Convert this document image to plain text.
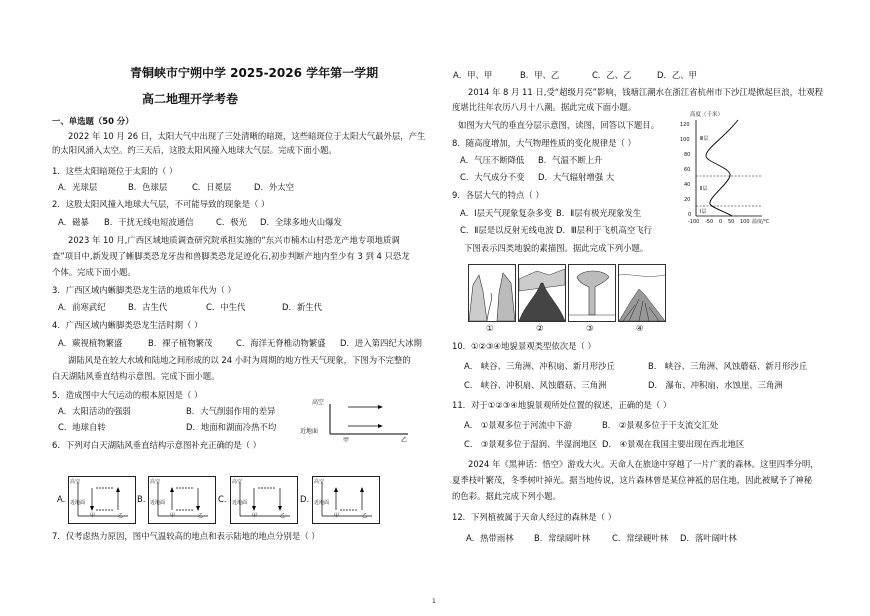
青铜峡市宁朔中学 2025-2026 学年第一学期
高二地理开学考卷
一、单选题（50 分）
2022 年 10 月 26 日，太阳大气中出现了三处清晰的暗斑，这些暗斑位于太阳大气最外层，产生
的太阳风涌入太空。约三天后，这股太阳风撞入地球大气层。完成下面小题。
1．这些太阳暗斑位于太阳的（ ）
A．光球层	B．色球层	C．日冕层	D．外太空
2．这股太阳风撞入地球大气层，不可能导致的现象是（ ）
A．磁暴 B．干扰无线电短波通信	C．极光 D．全球多地火山爆发
2023 年 10 月,广西区域地质调查研究院承担实施的“东兴市楠木山村恐龙产地专项地质调
查”项目中,新发现了蜥脚类恐龙牙齿和兽脚类恐龙足迹化石,初步判断产地内至少有 3 到 4 只恐龙
个体。完成下面小题。
3．广西区域内蜥脚类恐龙生活的地质年代为（ ）
A．前寒武纪	B．古生代	C．中生代	D．新生代
4．广西区域内蜥脚类恐龙生活时期（ ）
A．蕨视植物繁盛	B．裸子植物繁茂	C．海洋无脊椎动物繁盛 D．进入第四纪大冰期
湖陆风是在较大水域和陆地之间形成的以 24 小时为周期的地方性天气现象，下图为不完整的
白天湖陆风垂直结构示意图。完成下面小题。
5．造成图中大气运动的根本原因是（ ）
A．太阳活动的强弱	B．大气削弱作用的差异
C．地球自转	D．地面和湖面冷热不均
高空
近地面
甲	乙
6．下列对白天湖陆风垂直结构示意图补充正确的是（ ）
A.	B.	C.	D.
高空
近地面
甲	乙
高空
近地面
甲	乙
高空
近地面
甲	乙
高空
近地面
甲	乙
7．仅考虑热力原因，图中气温较高的地点和表示陆地的地点分别是（ ）
A．甲、甲	B．甲、乙	C．乙、乙	D．乙、甲
2014 年 8 月 11 日,受“超级月亮”影响，钱塘江潮水在浙江省杭州市下沙江堤掀起巨浪，壮观程
度堪比往年农历八月十八潮。据此完成下面小题。
如图为大气的垂直分层示意图，读图，回答以下题目。
8．随高度增加，大气物理性质的变化规律是（ ）
A．气压不断降低 B．气温不断上升
C．大气成分不变 D．大气辐射增强 大
9．各层大气的特点（ ）
A．Ⅰ层天气现象复杂多变 B．Ⅱ层有极光现象发生
C．Ⅱ层是以反射无线电波 D．Ⅲ层利于飞机高空飞行
高度（千米）
120
100
80
60
40
20
0
Ⅲ层
Ⅱ层
Ⅰ层
-100 -50 0 50 100 温度/℃
下图表示四类地貌的素描图。据此完成下列小题。
①	②	③	④
10．①②③④地貌景观类型依次是（ ）
A． 峡谷、三角洲、冲积扇、新月形沙丘	B． 峡谷、三角洲、风蚀蘑菇、新月形沙丘
C． 峡谷、冲积扇、风蚀蘑菇、三角洲	D． 瀑布、冲积扇、水蚀崖、三角洲
11．对于①②③④地貌景观所处位置的叙述，正确的是（ ）
A． ①景观多位于河流中下游	B． ②景观多位于干支流交汇处
C． ③景观多位于湿润、半湿润地区 D． ④景观在我国主要出现在西北地区
2024 年《黑神话：悟空》游戏大火。天命人在旅途中穿越了一片广袤的森林。这里四季分明，
夏季枝叶繁茂，冬季树叶掉光。据当地传说，这片森林曾是某位神祗的居住地，因此被赋予了神秘
的色彩。据此完成下列小题。
12．下列植被属于天命人经过的森林是（ ）
A．热带雨林 B．常绿阔叶林	C．常绿硬叶林 D．落叶阔叶林
1
